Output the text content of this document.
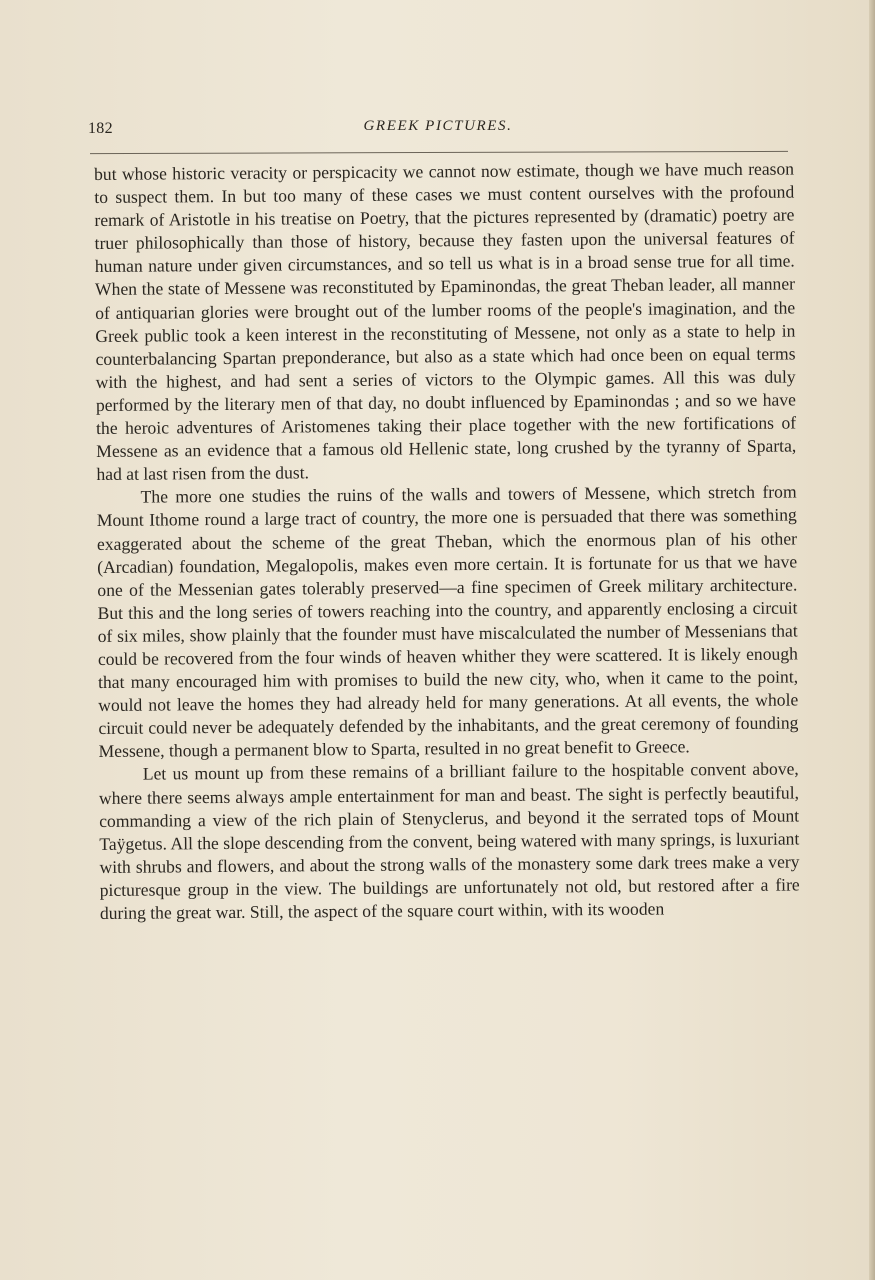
182	GREEK PICTURES.

but whose historic veracity or perspicacity we cannot now estimate, though we have much reason to suspect them. In but too many of these cases we must content ourselves with the profound remark of Aristotle in his treatise on Poetry, that the pictures represented by (dramatic) poetry are truer philosophically than those of history, because they fasten upon the universal features of human nature under given circumstances, and so tell us what is in a broad sense true for all time. When the state of Messene was reconstituted by Epaminondas, the great Theban leader, all manner of antiquarian glories were brought out of the lumber rooms of the people's imagination, and the Greek public took a keen interest in the reconstituting of Messene, not only as a state to help in counterbalancing Spartan preponderance, but also as a state which had once been on equal terms with the highest, and had sent a series of victors to the Olympic games. All this was duly performed by the literary men of that day, no doubt influenced by Epaminondas ; and so we have the heroic adventures of Aristomenes taking their place together with the new fortifications of Messene as an evidence that a famous old Hellenic state, long crushed by the tyranny of Sparta, had at last risen from the dust.

The more one studies the ruins of the walls and towers of Messene, which stretch from Mount Ithome round a large tract of country, the more one is persuaded that there was something exaggerated about the scheme of the great Theban, which the enormous plan of his other (Arcadian) foundation, Megalopolis, makes even more certain. It is fortunate for us that we have one of the Messenian gates tolerably preserved—a fine specimen of Greek military architecture. But this and the long series of towers reaching into the country, and apparently enclosing a circuit of six miles, show plainly that the founder must have miscalculated the number of Messenians that could be recovered from the four winds of heaven whither they were scattered. It is likely enough that many encouraged him with promises to build the new city, who, when it came to the point, would not leave the homes they had already held for many generations. At all events, the whole circuit could never be adequately defended by the inhabitants, and the great ceremony of founding Messene, though a permanent blow to Sparta, resulted in no great benefit to Greece.

Let us mount up from these remains of a brilliant failure to the hospitable convent above, where there seems always ample entertainment for man and beast. The sight is perfectly beautiful, commanding a view of the rich plain of Stenyclerus, and beyond it the serrated tops of Mount Taÿgetus. All the slope descending from the convent, being watered with many springs, is luxuriant with shrubs and flowers, and about the strong walls of the monastery some dark trees make a very picturesque group in the view. The buildings are unfortunately not old, but restored after a fire during the great war. Still, the aspect of the square court within, with its wooden
